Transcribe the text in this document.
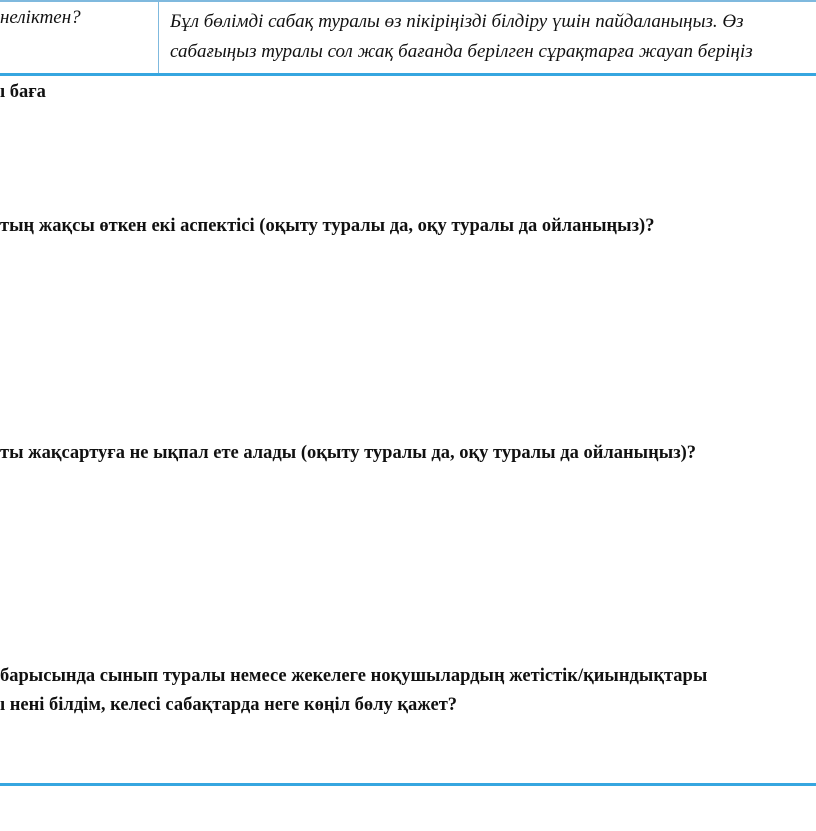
неліктен?	Бұл бөлімді сабақ туралы өз пікіріңізді білдіру үшін пайдаланыңыз. Өз
сабағыңыз туралы сол жақ бағанда берілген сұрақтарға жауап беріңіз
ı баға
тың жақсы өткен екі аспектісі (оқыту туралы да, оқу туралы да ойланыңыз)?
ты жақсартуға не ықпал ете алады (оқыту туралы да, оқу туралы да ойланыңыз)?
барысында сынып туралы немесе жекелеге ноқушылардың жетістік/қиындықтары
ı нені білдім, келесі сабақтарда неге көңіл бөлу қажет?
